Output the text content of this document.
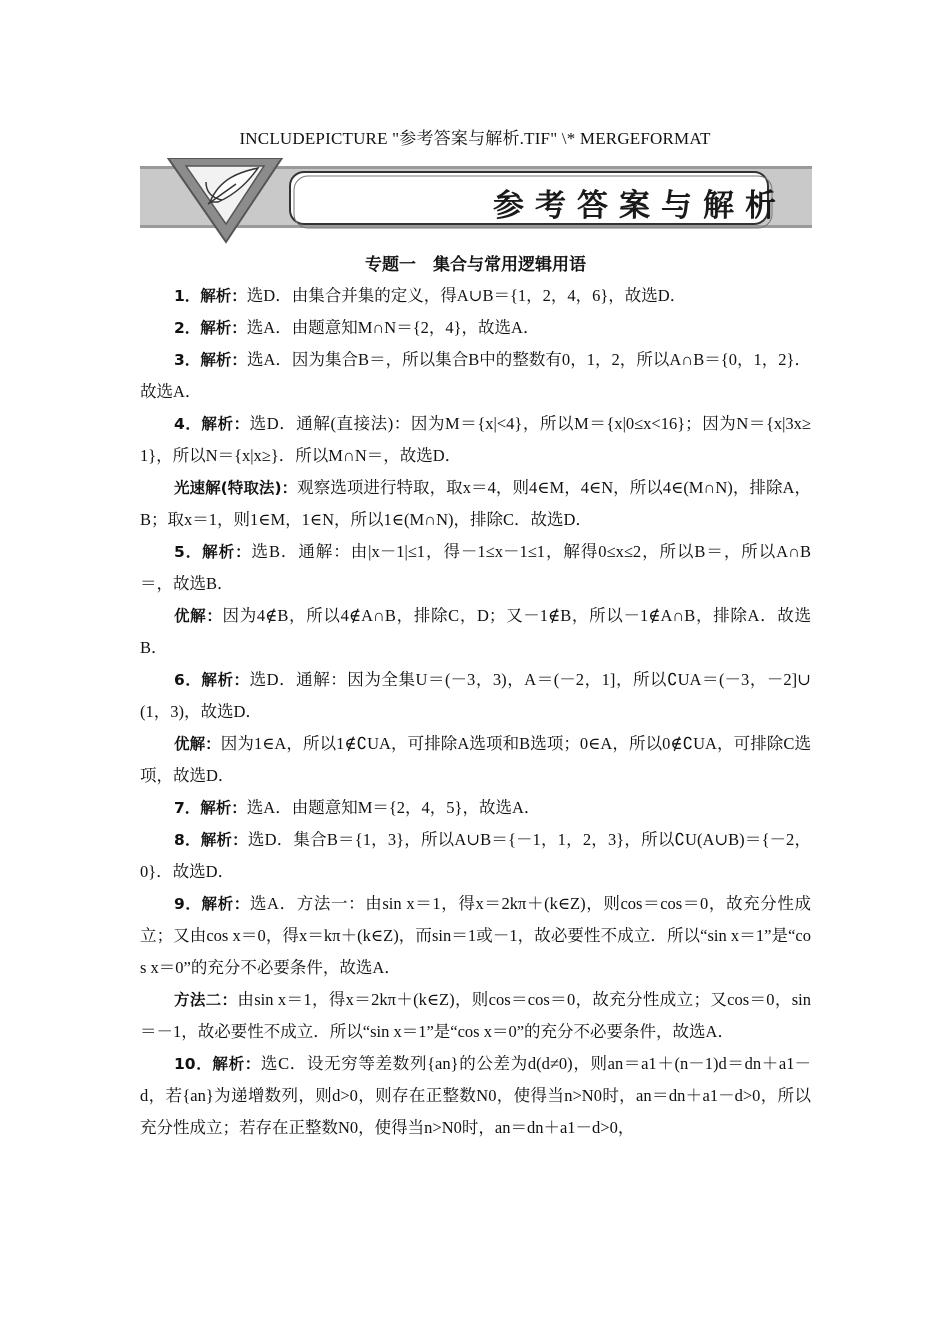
INCLUDEPICTURE "参考答案与解析.TIF" \* MERGEFORMAT
参考答案与解析
专题一　集合与常用逻辑用语

1．解析：选D．由集合并集的定义，得A∪B＝{1，2，4，6}，故选D．

2．解析：选A．由题意知M∩N＝{2，4}，故选A．

3．解析：选A．因为集合B＝，所以集合B中的整数有0，1，2，所以A∩B＝{0，1，2}．故选A．

4．解析：选D．通解(直接法)：因为M＝{x|<4}，所以M＝{x|0≤x<16}；因为N＝{x|3x≥1}，所以N＝{x|x≥}．所以M∩N＝，故选D．

光速解(特取法)：观察选项进行特取，取x＝4，则4∈M，4∈N，所以4∈(M∩N)，排除A，B；取x＝1，则1∈M，1∈N，所以1∈(M∩N)，排除C．故选D．

5．解析：选B．通解：由|x－1|≤1，得－1≤x－1≤1，解得0≤x≤2，所以B＝，所以A∩B＝，故选B．

优解：因为4∉B，所以4∉A∩B，排除C，D；又－1∉B，所以－1∉A∩B，排除A．故选B．

6．解析：选D．通解：因为全集U＝(－3，3)，A＝(－2，1]，所以∁UA＝(－3，－2]∪(1，3)，故选D．

优解：因为1∈A，所以1∉∁UA，可排除A选项和B选项；0∈A，所以0∉∁UA，可排除C选项，故选D．

7．解析：选A．由题意知M＝{2，4，5}，故选A．

8．解析：选D．集合B＝{1，3}，所以A∪B＝{－1，1，2，3}，所以∁U(A∪B)＝{－2，0}．故选D．

9．解析：选A．方法一：由sin x＝1，得x＝2kπ＋(k∈Z)，则cos＝cos＝0，故充分性成立；又由cos x＝0，得x＝kπ＋(k∈Z)，而sin＝1或－1，故必要性不成立．所以“sin x＝1”是“cos x＝0”的充分不必要条件，故选A．

方法二：由sin x＝1，得x＝2kπ＋(k∈Z)，则cos＝cos＝0，故充分性成立；又cos＝0，sin＝－1，故必要性不成立．所以“sin x＝1”是“cos x＝0”的充分不必要条件，故选A．

10．解析：选C．设无穷等差数列{an}的公差为d(d≠0)，则an＝a1＋(n－1)d＝dn＋a1－d，若{an}为递增数列，则d>0，则存在正整数N0，使得当n>N0时，an＝dn＋a1－d>0，所以充分性成立；若存在正整数N0，使得当n>N0时，an＝dn＋a1－d>0，
